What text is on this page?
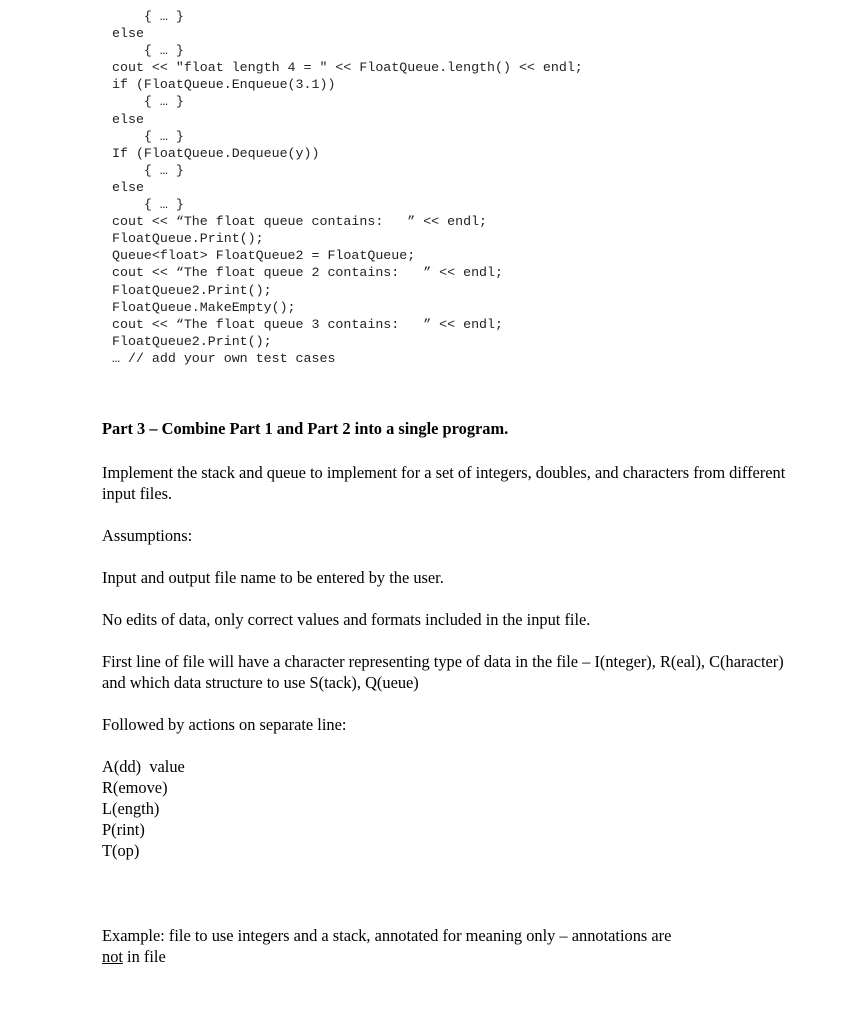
{ … }
else
{ … }
cout << "float length 4 = " << FloatQueue.length() << endl;
if (FloatQueue.Enqueue(3.1))
{ … }
else
{ … }
If (FloatQueue.Dequeue(y))
{ … }
else
{ … }
cout << “The float queue contains:   ” << endl;
FloatQueue.Print();
Queue<float> FloatQueue2 = FloatQueue;
cout << “The float queue 2 contains:   ” << endl;
FloatQueue2.Print();
FloatQueue.MakeEmpty();
cout << “The float queue 3 contains:   ” << endl;
FloatQueue2.Print();
… // add your own test cases

Part 3 – Combine Part 1 and Part 2 into a single program.

Implement the stack and queue to implement for a set of integers, doubles, and characters from different input files.

Assumptions:

Input and output file name to be entered by the user.

No edits of data, only correct values and formats included in the input file.

First line of file will have a character representing type of data in the file – I(nteger), R(eal), C(haracter) and which data structure to use S(tack), Q(ueue)

Followed by actions on separate line:

A(dd)  value

R(emove)

L(ength)

P(rint)

T(op)

Example: file to use integers and a stack, annotated for meaning only – annotations are
not in file
